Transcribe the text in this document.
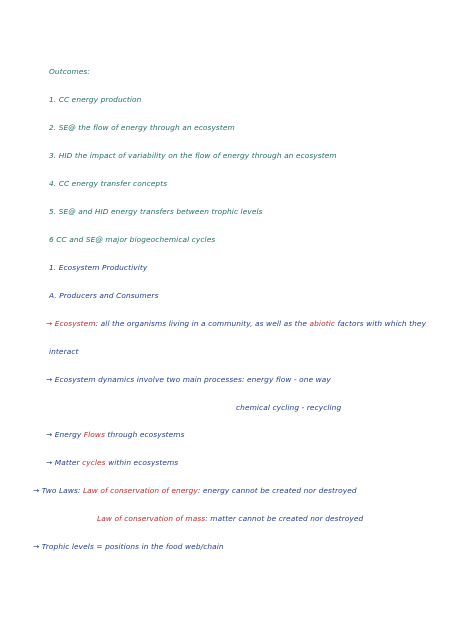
Outcomes:
1. CC energy production
2. SE@ the flow of energy through an ecosystem
3. HID the impact of variability on the flow of energy through an ecosystem
4. CC energy transfer concepts
5. SE@ and HID energy transfers between trophic levels
6 CC and SE@ major biogeochemical cycles
1. Ecosystem Productivity
A. Producers and Consumers
→ Ecosystem: all the organisms living in a community, as well as the abiotic factors with which they
interact
→ Ecosystem dynamics involve two main processes: energy flow - one way
chemical cycling - recycling
→ Energy Flows through ecosystems
→ Matter cycles within ecosystems
→ Two Laws: Law of conservation of energy: energy cannot be created nor destroyed
Law of conservation of mass: matter cannot be created nor destroyed
→ Trophic levels = positions in the food web/chain
